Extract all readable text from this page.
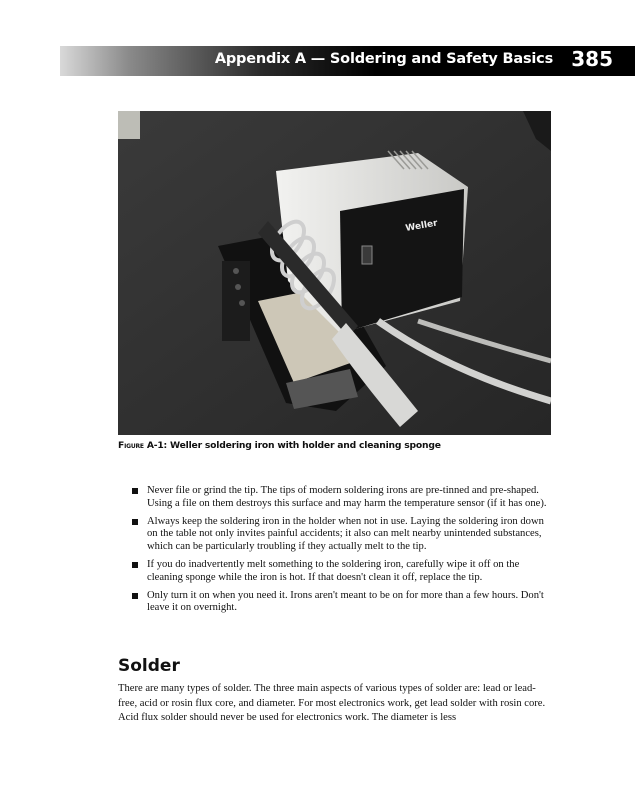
Appendix A — Soldering and Safety Basics 385
Weller
Figure A-1: Weller soldering iron with holder and cleaning sponge
Never file or grind the tip. The tips of modern soldering irons are pre-tinned and pre-shaped. Using a file on them destroys this surface and may harm the temperature sensor (if it has one).
Always keep the soldering iron in the holder when not in use. Laying the soldering iron down on the table not only invites painful accidents; it also can melt nearby unintended substances, which can be particularly troubling if they actually melt to the tip.
If you do inadvertently melt something to the soldering iron, carefully wipe it off on the cleaning sponge while the iron is hot. If that doesn't clean it off, replace the tip.
Only turn it on when you need it. Irons aren't meant to be on for more than a few hours. Don't leave it on overnight.
Solder

There are many types of solder. The three main aspects of various types of solder are: lead or lead-free, acid or rosin flux core, and diameter. For most electronics work, get lead solder with rosin core. Acid flux solder should never be used for electronics work. The diameter is less
